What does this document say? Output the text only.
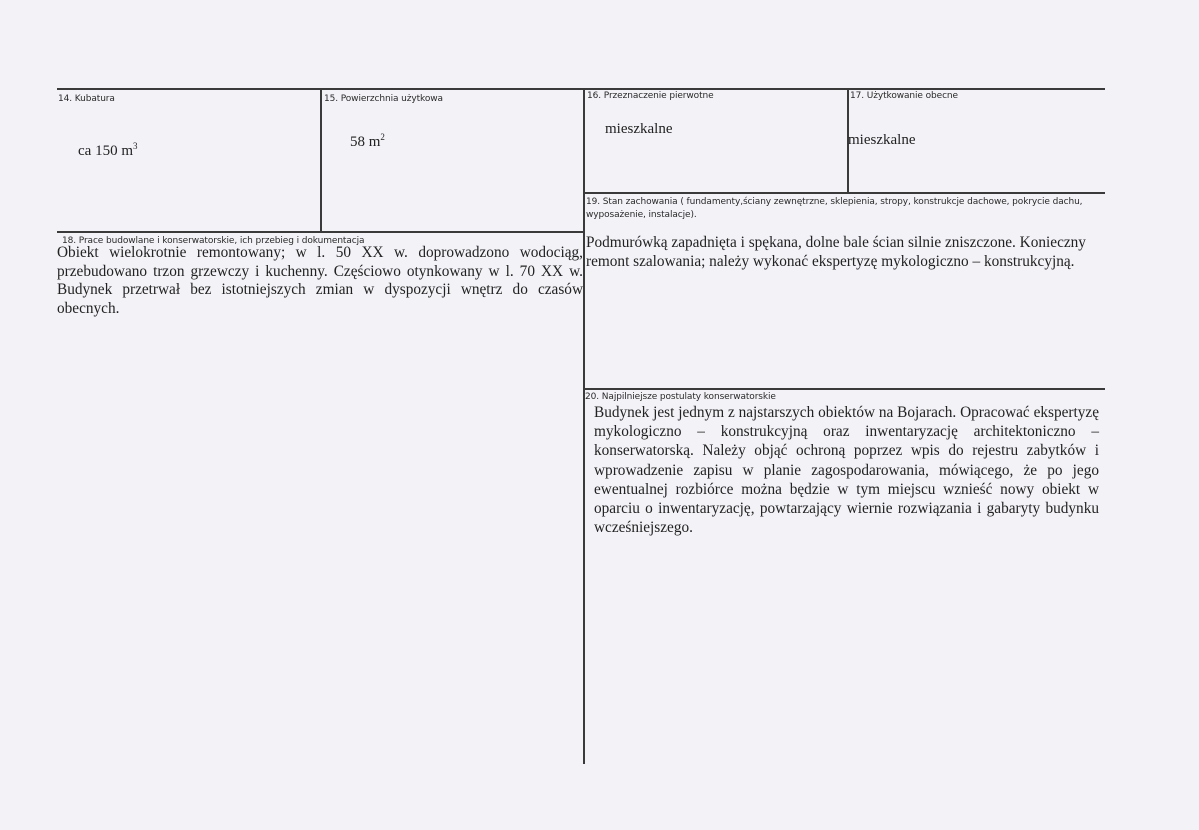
14. Kubatura
ca 150 $m^3$
15. Powierzchnia użytkowa
58 $m^2$
16. Przeznaczenie pierwotne
mieszkalne
17. Użytkowanie obecne
mieszkalne
18. Prace budowlane i konserwatorskie, ich przebieg i dokumentacja
Obiekt wielokrotnie remontowany; w l. 50 XX w. doprowadzono wodociąg, przebudowano trzon grzewczy i kuchenny. Częściowo otynkowany w l. 70 XX w. Budynek przetrwał bez istotniejszych zmian w dyspozycji wnętrz do czasów obecnych.
19. Stan zachowania ( fundamenty,ściany zewnętrzne, sklepienia, stropy, konstrukcje dachowe, pokrycie dachu, wyposażenie, instalacje).
Podmurówką zapadnięta i spękana, dolne bale ścian silnie zniszczone. Konieczny remont szalowania; należy wykonać ekspertyzę mykologiczno – konstrukcyjną.
20. Najpilniejsze postulaty konserwatorskie
Budynek jest jednym z najstarszych obiektów na Bojarach. Opracować ekspertyzę mykologiczno – konstrukcyjną oraz inwentaryzację architektoniczno – konserwatorską. Należy objąć ochroną poprzez wpis do rejestru zabytków i wprowadzenie zapisu w planie zagospodarowania, mówiącego, że po jego ewentualnej rozbiórce można będzie w tym miejscu wznieść nowy obiekt w oparciu o inwentaryzację, powtarzający wiernie rozwiązania i gabaryty budynku wcześniejszego.
